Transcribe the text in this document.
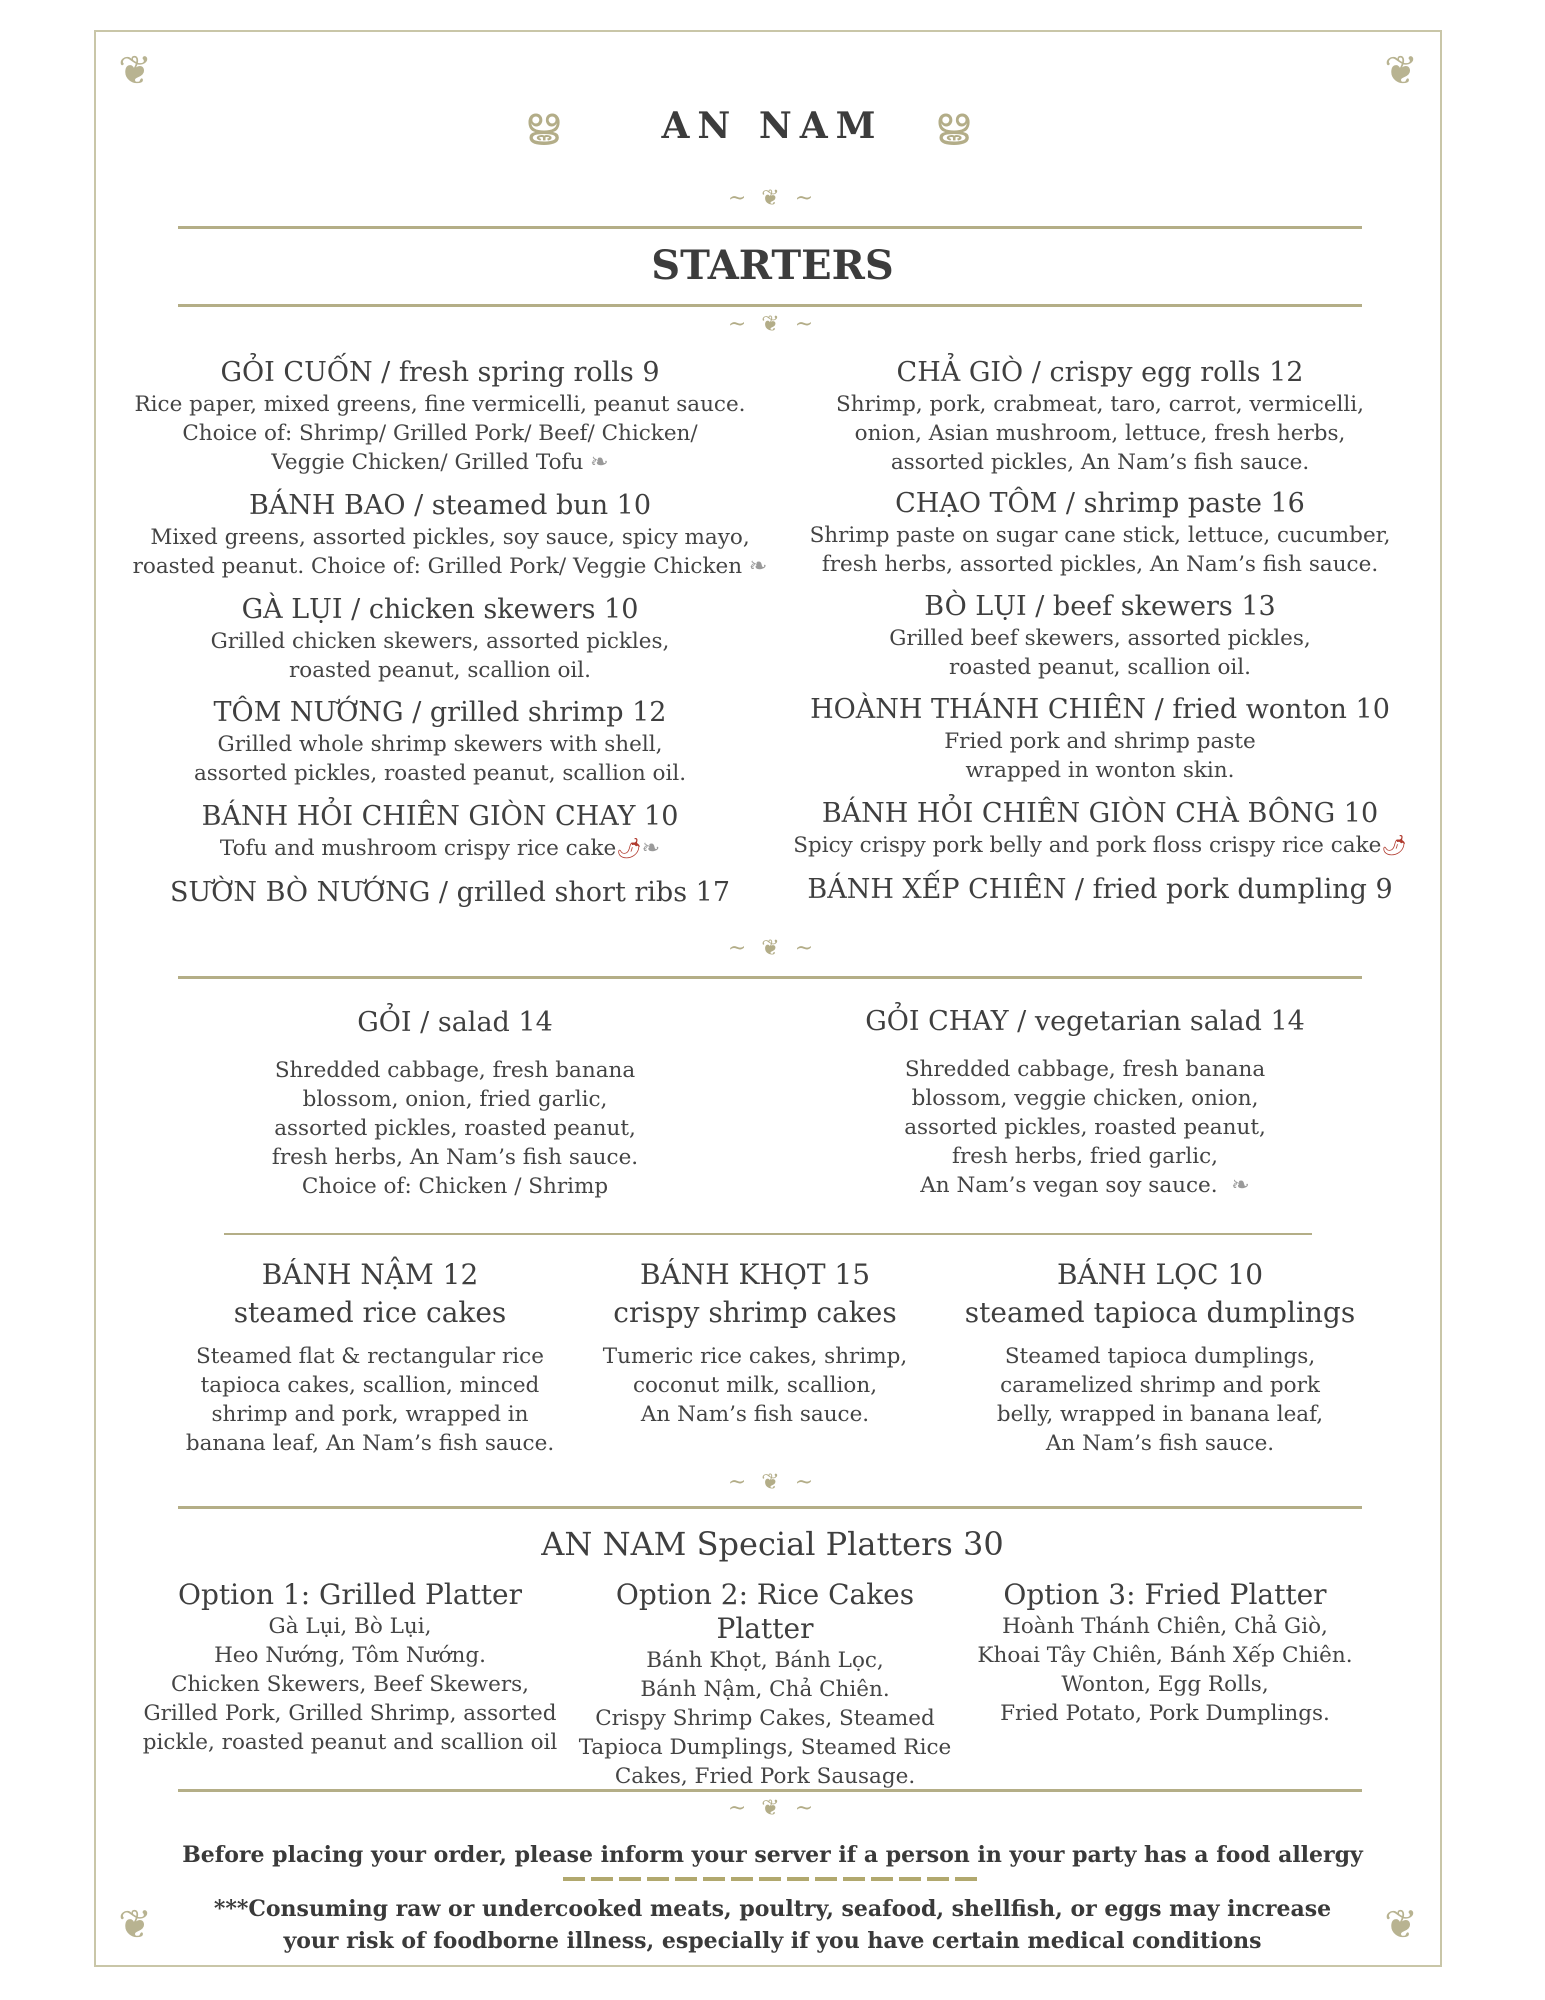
❦	❦
❦	❦
ൠ	ൠ
AN NAM
~ ❦ ~
STARTERS
~ ❦ ~
GỎI CUỐN / fresh spring rolls 9
Rice paper, mixed greens, fine vermicelli, peanut sauce.
Choice of: Shrimp/ Grilled Pork/ Beef/ Chicken/
Veggie Chicken/ Grilled Tofu ❧
BÁNH BAO / steamed bun 10
Mixed greens, assorted pickles, soy sauce, spicy mayo,
roasted peanut. Choice of: Grilled Pork/ Veggie Chicken ❧
GÀ LỤI / chicken skewers 10
Grilled chicken skewers, assorted pickles,
roasted peanut, scallion oil.
TÔM NƯỚNG / grilled shrimp 12
Grilled whole shrimp skewers with shell,
assorted pickles, roasted peanut, scallion oil.
BÁNH HỎI CHIÊN GIÒN CHAY 10
Tofu and mushroom crispy rice cake🌶❧
SƯỜN BÒ NƯỚNG / grilled short ribs 17
CHẢ GIÒ / crispy egg rolls 12
Shrimp, pork, crabmeat, taro, carrot, vermicelli,
onion, Asian mushroom, lettuce, fresh herbs,
assorted pickles, An Nam’s fish sauce.
CHẠO TÔM / shrimp paste 16
Shrimp paste on sugar cane stick, lettuce, cucumber,
fresh herbs, assorted pickles, An Nam’s fish sauce.
BÒ LỤI / beef skewers 13
Grilled beef skewers, assorted pickles,
roasted peanut, scallion oil.
HOÀNH THÁNH CHIÊN / fried wonton 10
Fried pork and shrimp paste
wrapped in wonton skin.
BÁNH HỎI CHIÊN GIÒN CHÀ BÔNG 10
Spicy crispy pork belly and pork floss crispy rice cake🌶
BÁNH XẾP CHIÊN / fried pork dumpling 9
~ ❦ ~
GỎI / salad 14
Shredded cabbage, fresh banana
blossom, onion, fried garlic,
assorted pickles, roasted peanut,
fresh herbs, An Nam’s fish sauce.
Choice of: Chicken / Shrimp
GỎI CHAY / vegetarian salad 14
Shredded cabbage, fresh banana
blossom, veggie chicken, onion,
assorted pickles, roasted peanut,
fresh herbs, fried garlic,
An Nam’s vegan soy sauce. ❧
BÁNH NẬM 12
steamed rice cakes
Steamed flat & rectangular rice
tapioca cakes, scallion, minced
shrimp and pork, wrapped in
banana leaf, An Nam’s fish sauce.
BÁNH KHỌT 15
crispy shrimp cakes
Tumeric rice cakes, shrimp,
coconut milk, scallion,
An Nam’s fish sauce.
BÁNH LỌC 10
steamed tapioca dumplings
Steamed tapioca dumplings,
caramelized shrimp and pork
belly, wrapped in banana leaf,
An Nam’s fish sauce.
~ ❦ ~
AN NAM Special Platters 30
Option 1: Grilled Platter
Gà Lụi, Bò Lụi,
Heo Nướng, Tôm Nướng.
Chicken Skewers, Beef Skewers,
Grilled Pork, Grilled Shrimp, assorted
pickle, roasted peanut and scallion oil
Option 2: Rice Cakes Platter
Bánh Khọt, Bánh Lọc,
Bánh Nậm, Chả Chiên.
Crispy Shrimp Cakes, Steamed
Tapioca Dumplings, Steamed Rice
Cakes, Fried Pork Sausage.
Option 3: Fried Platter
Hoành Thánh Chiên, Chả Giò,
Khoai Tây Chiên, Bánh Xếp Chiên.
Wonton, Egg Rolls,
Fried Potato, Pork Dumplings.
~ ❦ ~
Before placing your order, please inform your server if a person in your party has a food allergy
***Consuming raw or undercooked meats, poultry, seafood, shellfish, or eggs may increase
your risk of foodborne illness, especially if you have certain medical conditions
